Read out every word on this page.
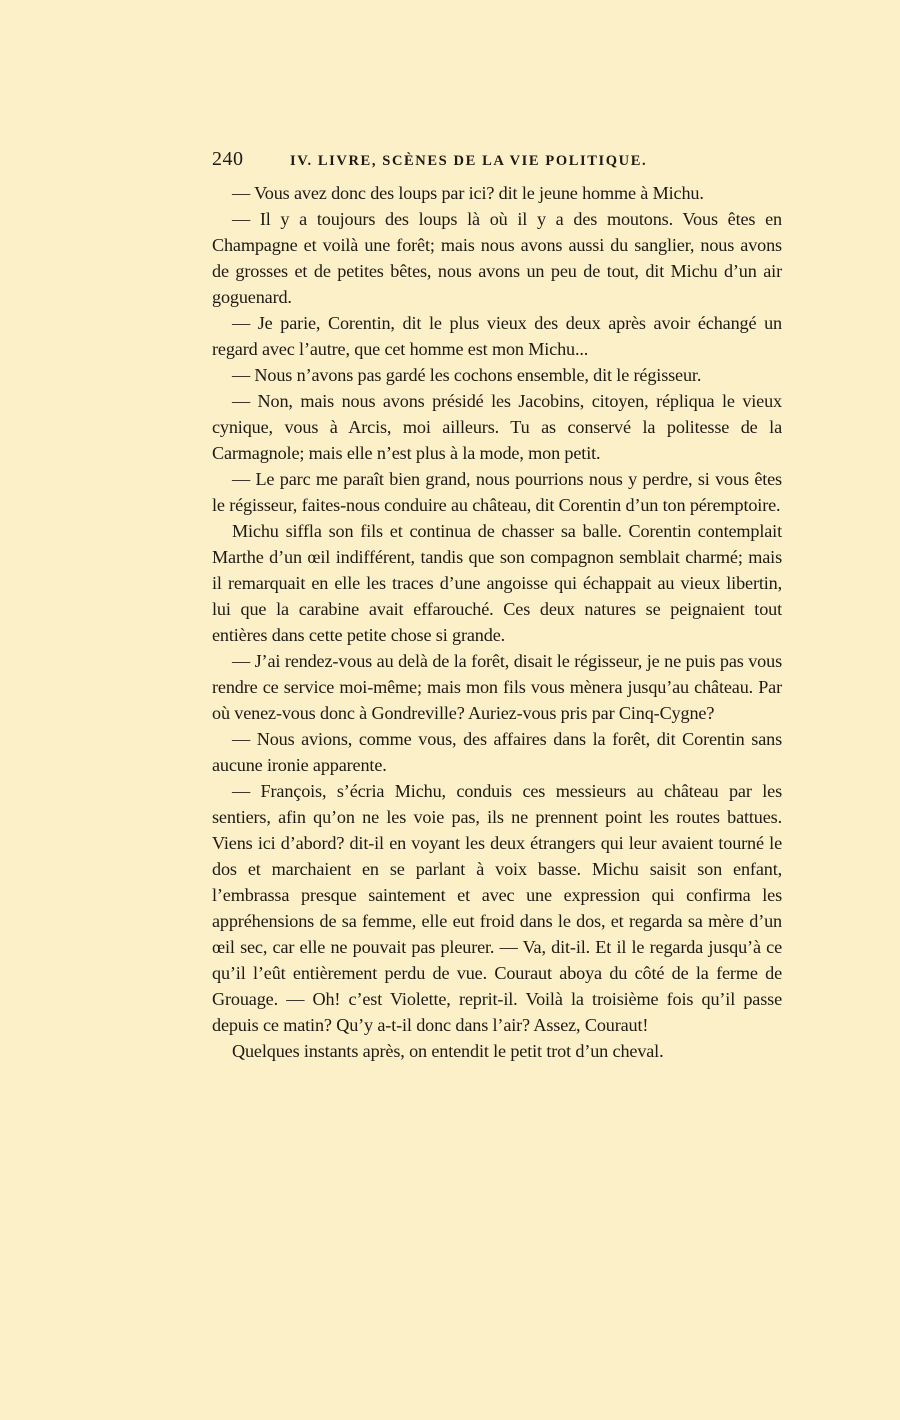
240	IV. LIVRE, SCÈNES DE LA VIE POLITIQUE.

— Vous avez donc des loups par ici? dit le jeune homme à Michu.

— Il y a toujours des loups là où il y a des moutons. Vous êtes en Champagne et voilà une forêt; mais nous avons aussi du sanglier, nous avons de grosses et de petites bêtes, nous avons un peu de tout, dit Michu d’un air goguenard.

— Je parie, Corentin, dit le plus vieux des deux après avoir échangé un regard avec l’autre, que cet homme est mon Michu...

— Nous n’avons pas gardé les cochons ensemble, dit le régisseur.

— Non, mais nous avons présidé les Jacobins, citoyen, répliqua le vieux cynique, vous à Arcis, moi ailleurs. Tu as conservé la politesse de la Carmagnole; mais elle n’est plus à la mode, mon petit.

— Le parc me paraît bien grand, nous pourrions nous y perdre, si vous êtes le régisseur, faites-nous conduire au château, dit Corentin d’un ton péremptoire.

Michu siffla son fils et continua de chasser sa balle. Corentin contemplait Marthe d’un œil indifférent, tandis que son compagnon semblait charmé; mais il remarquait en elle les traces d’une angoisse qui échappait au vieux libertin, lui que la carabine avait effarouché. Ces deux natures se peignaient tout entières dans cette petite chose si grande.

— J’ai rendez-vous au delà de la forêt, disait le régisseur, je ne puis pas vous rendre ce service moi-même; mais mon fils vous mènera jusqu’au château. Par où venez-vous donc à Gondreville? Auriez-vous pris par Cinq-Cygne?

— Nous avions, comme vous, des affaires dans la forêt, dit Corentin sans aucune ironie apparente.

— François, s’écria Michu, conduis ces messieurs au château par les sentiers, afin qu’on ne les voie pas, ils ne prennent point les routes battues. Viens ici d’abord? dit-il en voyant les deux étrangers qui leur avaient tourné le dos et marchaient en se parlant à voix basse. Michu saisit son enfant, l’embrassa presque saintement et avec une expression qui confirma les appréhensions de sa femme, elle eut froid dans le dos, et regarda sa mère d’un œil sec, car elle ne pouvait pas pleurer. — Va, dit-il. Et il le regarda jusqu’à ce qu’il l’eût entièrement perdu de vue. Couraut aboya du côté de la ferme de Grouage. — Oh! c’est Violette, reprit-il. Voilà la troisième fois qu’il passe depuis ce matin? Qu’y a-t-il donc dans l’air? Assez, Couraut!

Quelques instants après, on entendit le petit trot d’un cheval.
